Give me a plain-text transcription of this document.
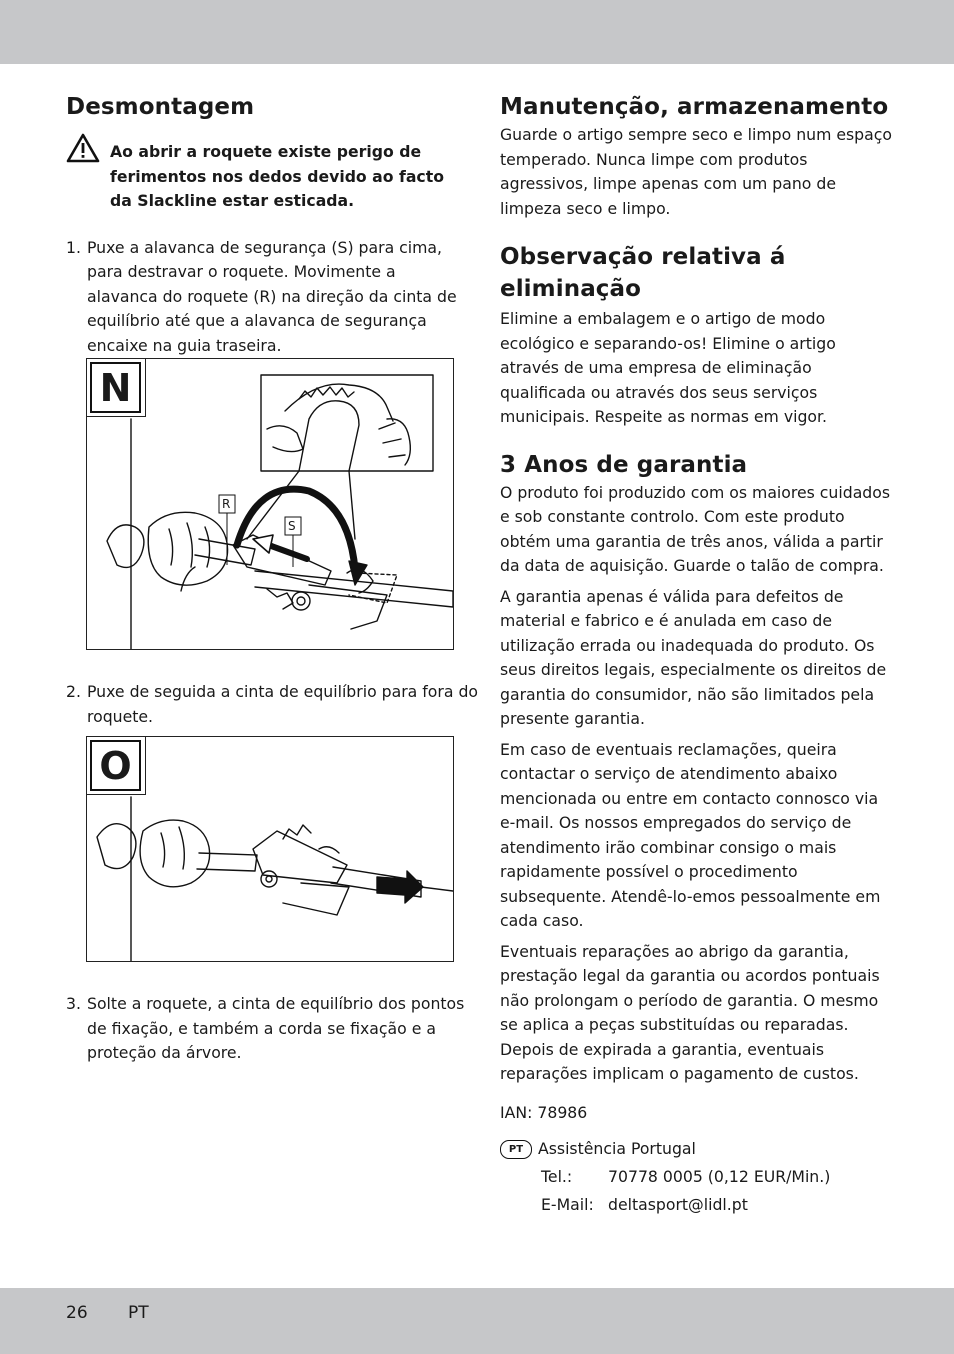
Desmontagem
Ao abrir a roquete existe perigo de ferimentos nos dedos devido ao facto da Slackline estar esticada.
1. Puxe a alavanca de segurança (S) para cima, para destravar o roquete. Movimente a alavanca do roquete (R) na direção da cinta de equilíbrio até que a alavanca de segurança encaixe na guia traseira.
N
R
S
2. Puxe de seguida a cinta de equilíbrio para fora do roquete.
O
3. Solte a roquete, a cinta de equilíbrio dos pontos de fixação, e também a corda se fixação e a proteção da árvore.
Manutenção, armazenamento

Guarde o artigo sempre seco e limpo num espaço temperado. Nunca limpe com produtos agressivos, limpe apenas com um pano de limpeza seco e limpo.

Observação relativa á eliminação

Elimine a embalagem e o artigo de modo ecológico e separando-os! Elimine o artigo através de uma empresa de eliminação qualificada ou através dos seus serviços municipais. Respeite as normas em vigor.

3 Anos de garantia

O produto foi produzido com os maiores cuidados e sob constante controlo. Com este produto obtém uma garantia de três anos, válida a partir da data de aquisição. Guarde o talão de compra.

A garantia apenas é válida para defeitos de material e fabrico e é anulada em caso de utilização errada ou inadequada do produto. Os seus direitos legais, especialmente os direitos de garantia do consumidor, não são limitados pela presente garantia.

Em caso de eventuais reclamações, queira contactar o serviço de atendimento abaixo mencionada ou entre em contacto connosco via e-mail. Os nossos empregados do serviço de atendimento irão combinar consigo o mais rapidamente possível o procedimento subsequente. Atendê-lo-emos pessoalmente em cada caso.

Eventuais reparações ao abrigo da garantia, prestação legal da garantia ou acordos pontuais não prolongam o período de garantia. O mesmo se aplica a peças substituídas ou reparadas. Depois de expirada a garantia, eventuais reparações implicam o pagamento de custos.

IAN: 78986

PT Assistência Portugal
Tel.: 70778 0005 (0,12 EUR/Min.)
E-Mail: deltasport@lidl.pt
26 PT
